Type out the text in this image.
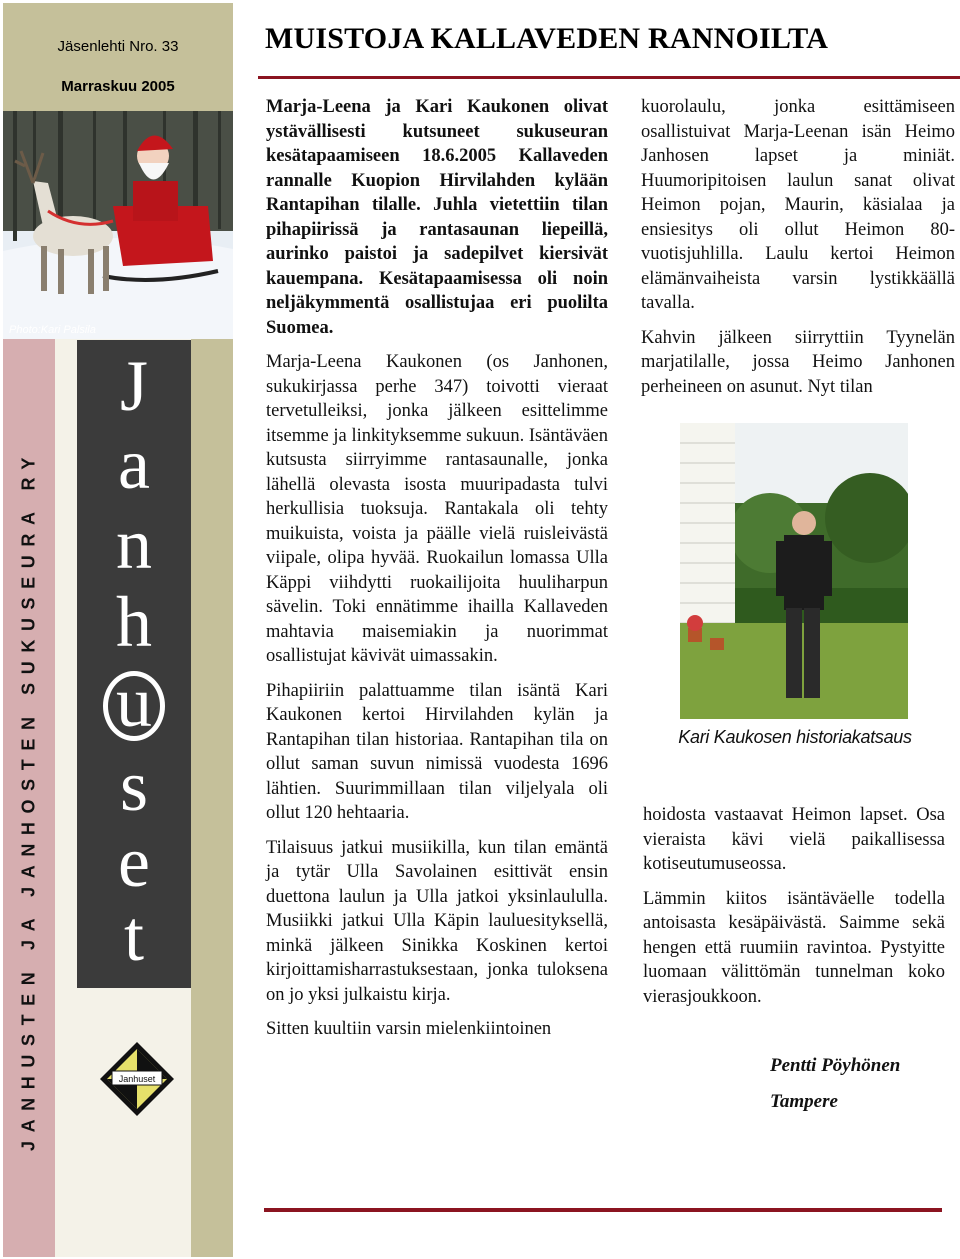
Jäsenlehti Nro. 33
Marraskuu 2005
Photo:Kari Palsila
JANHUSTEN JA JANHOSTEN SUKUSEURA RY
J
a
n
h
u
s
e
t
Janhuset
MUISTOJA KALLAVEDEN RANNOILTA

Marja-Leena ja Kari Kaukonen olivat ystävällisesti kutsuneet sukuseuran kesätapaamiseen 18.6.2005 Kallaveden rannalle Kuopion Hirvilahden kylään Rantapihan tilalle. Juhla vietettiin tilan pihapiirissä ja rantasaunan liepeillä, aurinko paistoi ja sadepilvet kiersivät kauempana. Kesätapaamisessa oli noin neljäkymmentä osallistujaa eri puolilta Suomea.

Marja-Leena Kaukonen (os Janhonen, sukukirjassa perhe 347) toivotti vieraat tervetulleiksi, jonka jälkeen esittelimme itsemme ja linkityksemme sukuun. Isäntäväen kutsusta siirryimme rantasaunalle, jonka lähellä olevasta isosta muuripadasta tulvi herkullisia tuoksuja. Rantakala oli tehty muikuista, voista ja päälle vielä ruisleivästä viipale, olipa hyvää. Ruokailun lomassa Ulla Käppi viihdytti ruokailijoita huuliharpun sävelin. Toki ennätimme ihailla Kallaveden mahtavia maisemiakin ja nuorimmat osallistujat kävivät uimassakin.

Pihapiiriin palattuamme tilan isäntä Kari Kaukonen kertoi Hirvilahden kylän ja Rantapihan tilan historiaa. Rantapihan tila on ollut saman suvun nimissä vuodesta 1696 lähtien. Suurimmillaan tilan viljelyala oli ollut 120 hehtaaria.

Tilaisuus jatkui musiikilla, kun tilan emäntä ja tytär Ulla Savolainen esittivät ensin duettona laulun ja Ulla jatkoi yksinlaululla. Musiikki jatkui Ulla Käpin lauluesityksellä, minkä jälkeen Sinikka Koskinen kertoi kirjoittamisharrastuksestaan, jonka tuloksena on jo yksi julkaistu kirja.

Sitten kuultiin varsin mielenkiintoinen

kuorolaulu, jonka esittämiseen osallistuivat Marja-Leenan isän Heimo Janhosen lapset ja miniät. Huumoripitoisen laulun sanat olivat Heimon pojan, Maurin, käsialaa ja ensiesitys oli ollut Heimon 80-vuotisjuhlilla. Laulu kertoi Heimon elämänvaiheista varsin lystikkäällä tavalla.

Kahvin jälkeen siirryttiin Tyynelän marjatilalle, jossa Heimo Janhonen perheineen on asunut. Nyt tilan

Kari Kaukosen historiakatsaus

hoidosta vastaavat Heimon lapset. Osa vieraista kävi vielä paikallisessa kotiseutumuseossa.

Lämmin kiitos isäntäväelle todella antoisasta kesäpäivästä. Saimme sekä hengen että ruumiin ravintoa. Pystyitte luomaan välittömän tunnelman koko vierasjoukkoon.

Pentti Pöyhönen
Tampere
